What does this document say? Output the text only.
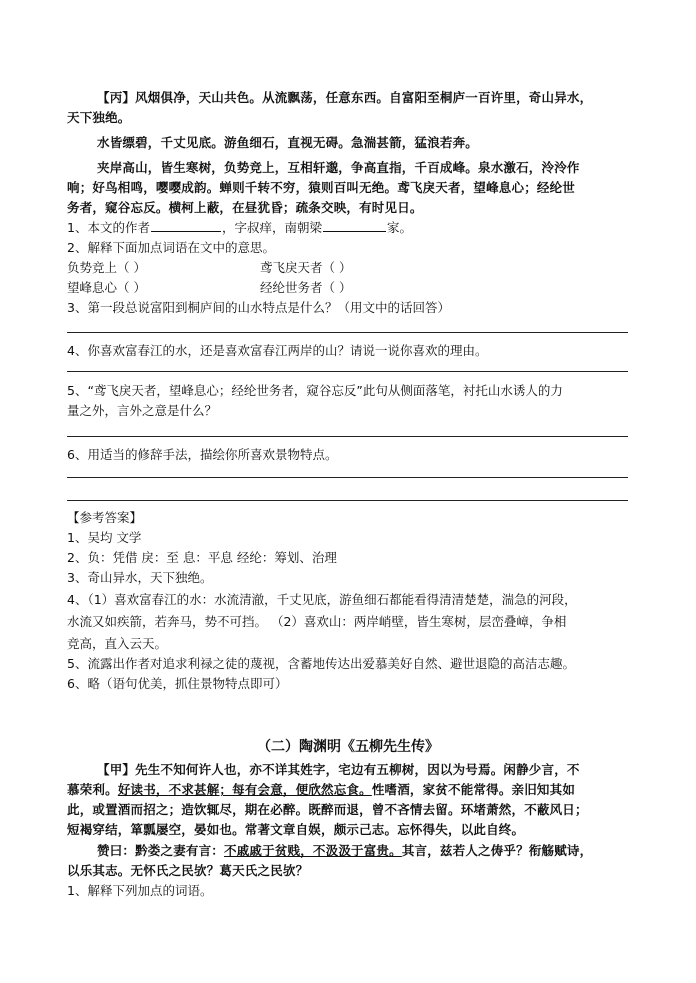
【丙】风烟俱净，天山共色。从流飘荡，任意东西。自富阳至桐庐一百许里，奇山异水，
天下独绝。
水皆缥碧，千丈见底。游鱼细石，直视无碍。急湍甚箭，猛浪若奔。
夹岸高山，皆生寒树，负势竞上，互相轩邈，争高直指，千百成峰。泉水激石，泠泠作
响；好鸟相鸣，嘤嘤成韵。蝉则千转不穷，猿则百叫无绝。鸢飞戾天者，望峰息心；经纶世
务者，窥谷忘反。横柯上蔽，在昼犹昏；疏条交映，有时见日。
1、本文的作者	，字叔痒，南朝梁	家。
2、解释下面加点词语在文中的意思。
负势竞上（ ）	鸢飞戾天者（ ）
望峰息心（ ）	经纶世务者（ ）
3、第一段总说富阳到桐庐间的山水特点是什么？（用文中的话回答）
4、你喜欢富春江的水，还是喜欢富春江两岸的山？请说一说你喜欢的理由。
5、“鸢飞戾天者，望峰息心；经纶世务者，窥谷忘反”此句从侧面落笔，衬托山水诱人的力
量之外，言外之意是什么？
6、用适当的修辞手法，描绘你所喜欢景物特点。
【参考答案】
1、吴均 文学
2、负：凭借 戾：至 息：平息 经纶：筹划、治理
3、奇山异水，天下独绝。
4、（1）喜欢富春江的水：水流清澈，千丈见底，游鱼细石都能看得清清楚楚，湍急的河段，
水流又如疾箭，若奔马，势不可挡。 （2）喜欢山：两岸峭壁，皆生寒树，层峦叠嶂，争相
竞高，直入云天。
5、流露出作者对追求利禄之徒的蔑视，含蓄地传达出爱慕美好自然、避世退隐的高洁志趣。
6、略（语句优美，抓住景物特点即可）
（二）陶渊明《五柳先生传》
【甲】先生不知何许人也，亦不详其姓字，宅边有五柳树，因以为号焉。闲静少言，不
慕荣利。好读书，不求甚解；每有会意，便欣然忘食。性嗜酒，家贫不能常得。亲旧知其如
此，或置酒而招之；造饮辄尽，期在必醉。既醉而退，曾不吝情去留。环堵萧然，不蔽风日；
短褐穿结，箪瓢屡空，晏如也。常著文章自娱，颇示己志。忘怀得失，以此自终。
赞曰：黔娄之妻有言：不戚戚于贫贱，不汲汲于富贵。其言，兹若人之俦乎？衔觞赋诗，
以乐其志。无怀氏之民欤？葛天氏之民欤？
1、解释下列加点的词语。
